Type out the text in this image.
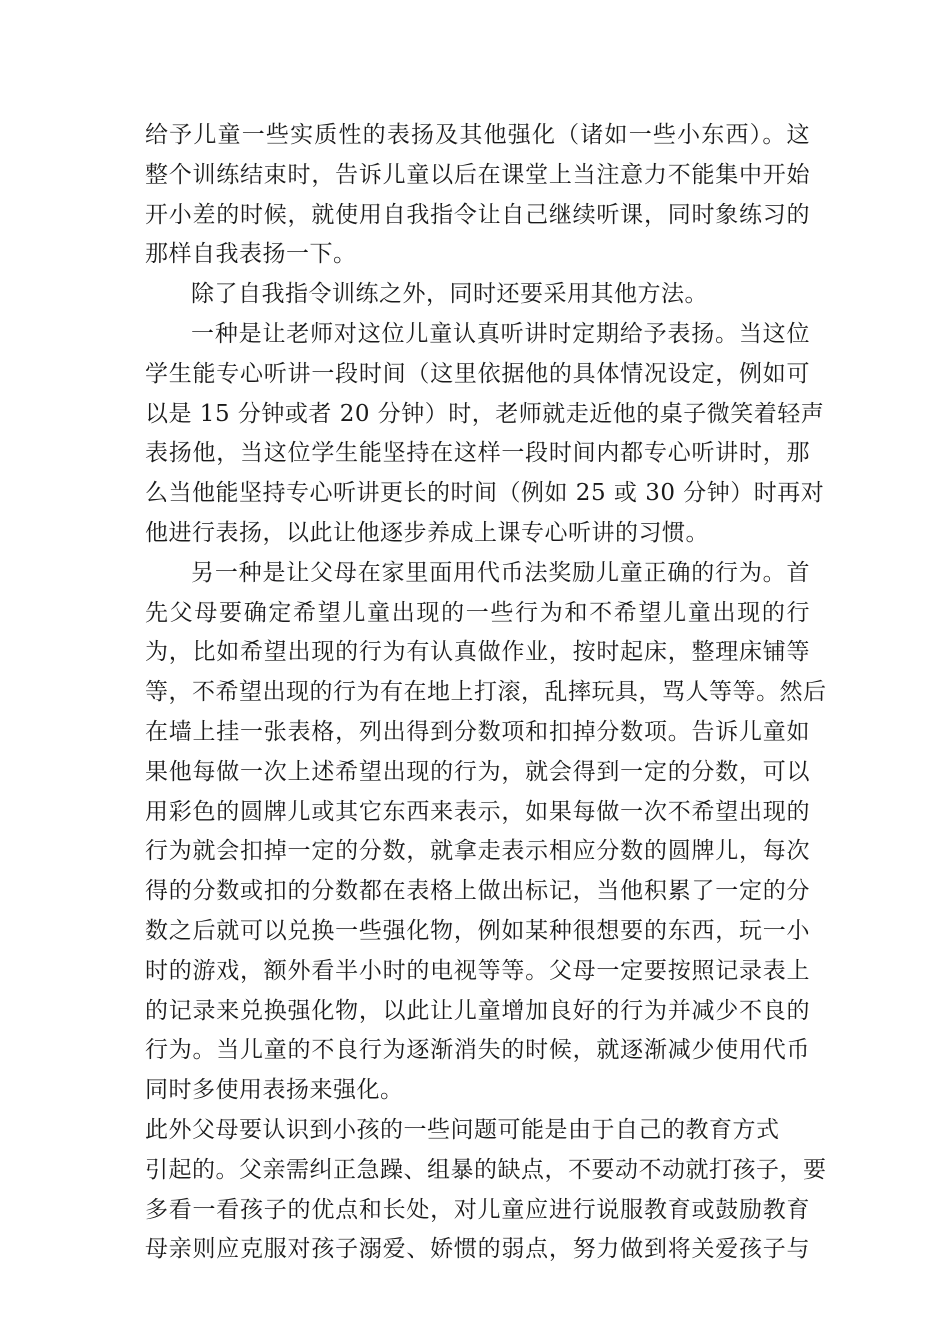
给予儿童一些实质性的表扬及其他强化（诸如一些小东西）。这
整个训练结束时，告诉儿童以后在课堂上当注意力不能集中开始
开小差的时候，就使用自我指令让自己继续听课，同时象练习的
那样自我表扬一下。
除了自我指令训练之外，同时还要采用其他方法。
一种是让老师对这位儿童认真听讲时定期给予表扬。当这位
学生能专心听讲一段时间（这里依据他的具体情况设定，例如可
以是 15 分钟或者 20 分钟）时，老师就走近他的桌子微笑着轻声
表扬他，当这位学生能坚持在这样一段时间内都专心听讲时，那
么当他能坚持专心听讲更长的时间（例如 25 或 30 分钟）时再对
他进行表扬，以此让他逐步养成上课专心听讲的习惯。
另一种是让父母在家里面用代币法奖励儿童正确的行为。首
先父母要确定希望儿童出现的一些行为和不希望儿童出现的行
为，比如希望出现的行为有认真做作业，按时起床，整理床铺等
等，不希望出现的行为有在地上打滚，乱摔玩具，骂人等等。然后
在墙上挂一张表格，列出得到分数项和扣掉分数项。告诉儿童如
果他每做一次上述希望出现的行为，就会得到一定的分数，可以
用彩色的圆牌儿或其它东西来表示，如果每做一次不希望出现的
行为就会扣掉一定的分数，就拿走表示相应分数的圆牌儿，每次
得的分数或扣的分数都在表格上做出标记，当他积累了一定的分
数之后就可以兑换一些强化物，例如某种很想要的东西，玩一小
时的游戏，额外看半小时的电视等等。父母一定要按照记录表上
的记录来兑换强化物，以此让儿童增加良好的行为并减少不良的
行为。当儿童的不良行为逐渐消失的时候，就逐渐减少使用代币
同时多使用表扬来强化。
此外父母要认识到小孩的一些问题可能是由于自己的教育方式
引起的。父亲需纠正急躁、组暴的缺点，不要动不动就打孩子，要
多看一看孩子的优点和长处，对儿童应进行说服教育或鼓励教育
母亲则应克服对孩子溺爱、娇惯的弱点，努力做到将关爱孩子与
